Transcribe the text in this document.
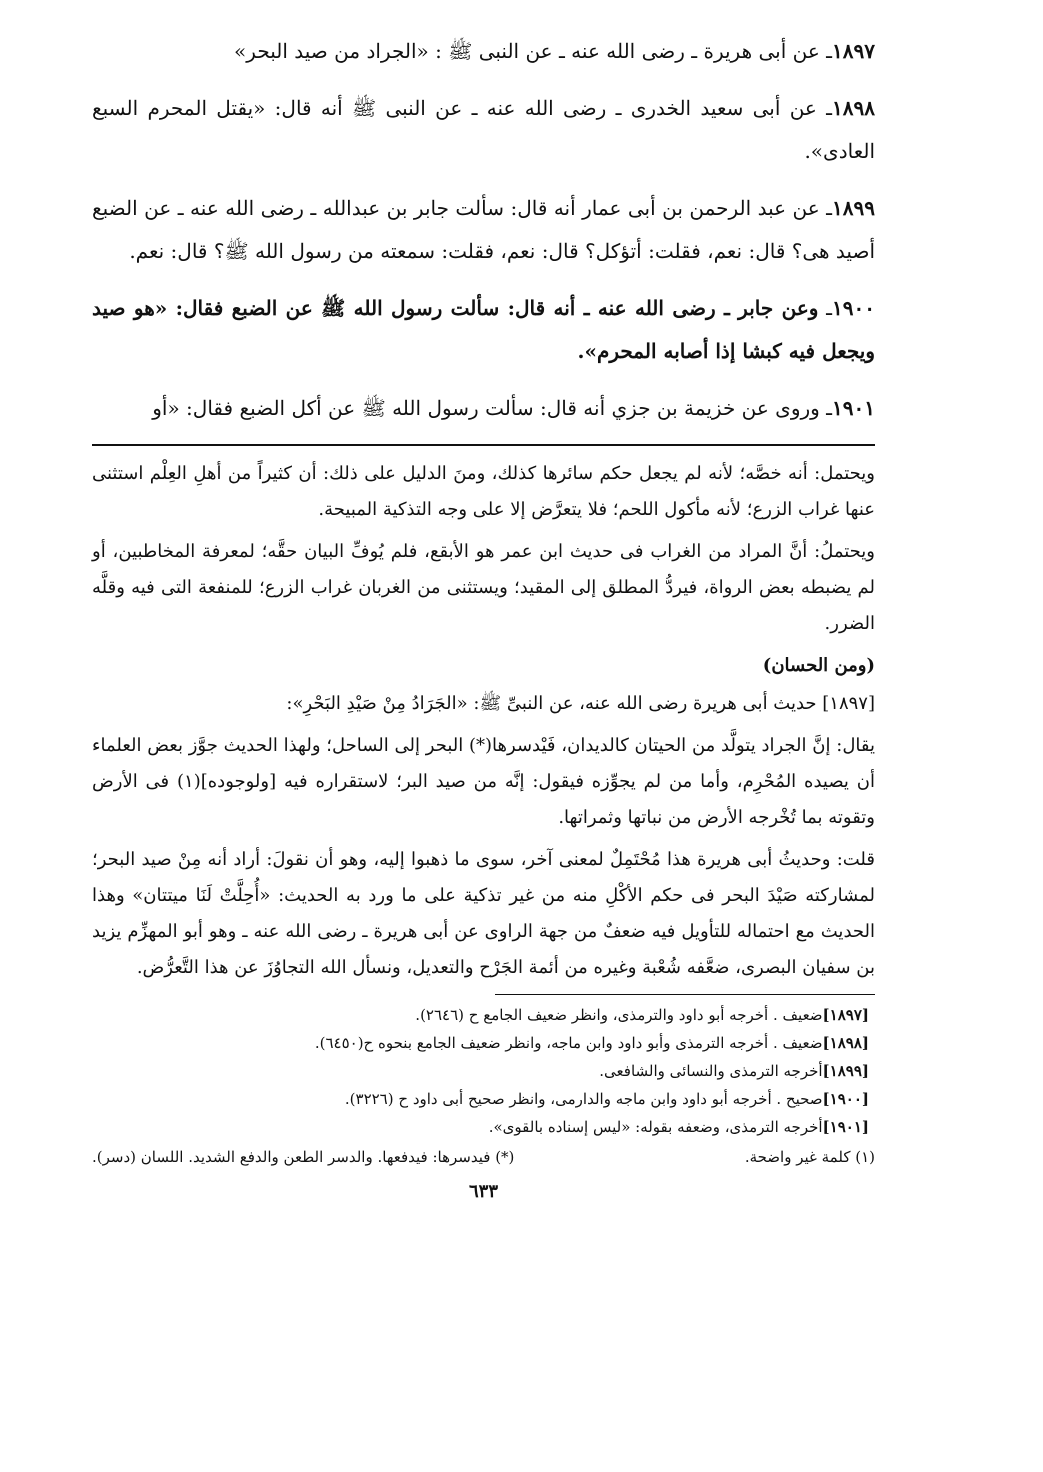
١٨٩٧ـ عن أبى هريرة ـ رضى الله عنه ـ عن النبى ﷺ : «الجراد من صيد البحر»

١٨٩٨ـ عن أبى سعيد الخدرى ـ رضى الله عنه ـ عن النبى ﷺ أنه قال: «يقتل المحرم السبع العادى».

١٨٩٩ـ عن عبد الرحمن بن أبى عمار أنه قال: سألت جابر بن عبدالله ـ رضى الله عنه ـ عن الضبع أصيد هى؟ قال: نعم، فقلت: أتؤكل؟ قال: نعم، فقلت: سمعته من رسول الله ﷺ؟ قال: نعم.

١٩٠٠ـ وعن جابر ـ رضى الله عنه ـ أنه قال: سألت رسول الله ﷺ عن الضبع فقال: «هو صيد ويجعل فيه كبشا إذا أصابه المحرم».

١٩٠١ـ وروى عن خزيمة بن جزي أنه قال: سألت رسول الله ﷺ عن أكل الضبع فقال: «أو

ويحتمل: أنه خصَّه؛ لأنه لم يجعل حكم سائرها كذلك، ومنَ الدليل على ذلك: أن كثيراً من أهلِ العِلْم استثنى عنها غراب الزرع؛ لأنه مأكول اللحم؛ فلا يتعرَّض إلا على وجه التذكية المبيحة.

ويحتملُ: أنَّ المراد من الغراب فى حديث ابن عمر هو الأبقع، فلم يُوفِّ البيان حقَّه؛ لمعرفة المخاطبين، أو لم يضبطه بعض الرواة، فيردُّ المطلق إلى المقيد؛ ويستثنى من الغربان غراب الزرع؛ للمنفعة التى فيه وقلَّه الضرر.

(ومن الحسان)

[١٨٩٧] حديث أبى هريرة رضى الله عنه، عن النبىِّ ﷺ: «الجَرَادُ مِنْ صَيْدِ البَحْرِ»:

يقال: إنَّ الجراد يتولَّد من الحيتان كالديدان، فَيْدسرها(*) البحر إلى الساحل؛ ولهذا الحديث جوَّز بعض العلماء أن يصيده المُحْرِم، وأما من لم يجوِّزه فيقول: إنَّه من صيد البر؛ لاستقراره فيه [ولوجوده](١) فى الأرض وتقوته بما تُخْرجه الأرض من نباتها وثمراتها.

قلت: وحديثُ أبى هريرة هذا مُحْتَمِلٌ لمعنى آخر، سوى ما ذهبوا إليه، وهو أن نقولَ: أراد أنه مِنْ صيد البحر؛ لمشاركته صَيْدَ البحر فى حكم الأكْلِ منه من غير تذكية على ما ورد به الحديث: «أُحِلَّتْ لَنَا ميتتان» وهذا الحديث مع احتماله للتأويل فيه ضعفٌ من جهة الراوى عن أبى هريرة ـ رضى الله عنه ـ وهو أبو المهزِّم يزيد بن سفيان البصرى، ضعَّفه شُعْبة وغيره من أئمة الجَرْح والتعديل، ونسأل الله التجاوُزَ عن هذا التَّعرُّض.

[١٨٩٧]ضعيف . أخرجه أبو داود والترمذى، وانظر ضعيف الجامع ح (٢٦٤٦).

[١٨٩٨]ضعيف . أخرجه الترمذى وأبو داود وابن ماجه، وانظر ضعيف الجامع بنحوه ح(٦٤٥٠).

[١٨٩٩]أخرجه الترمذى والنسائى والشافعى.

[١٩٠٠]صحيح . أخرجه أبو داود وابن ماجه والدارمى، وانظر صحيح أبى داود ح (٣٢٢٦).

[١٩٠١]أخرجه الترمذى، وضعفه بقوله: «ليس إسناده بالقوى».

(١) كلمة غير واضحة.
(*) فيدسرها: فيدفعها. والدسر الطعن والدفع الشديد. اللسان (دسر).
٦٣٣
